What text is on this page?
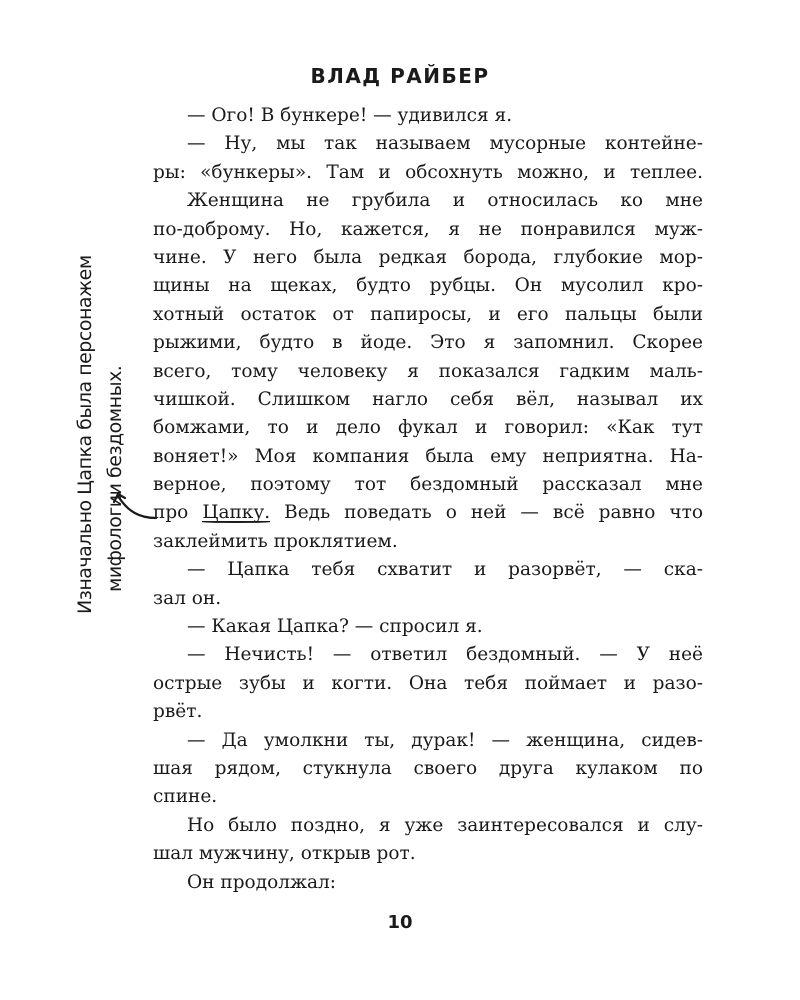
ВЛАД РАЙБЕР
Изначально Цапка была персонажем мифологии бездомных.
— Ого! В бункере! — удивился я.
— Ну, мы так называем мусорные контейне-
ры: «бункеры». Там и обсохнуть можно, и теплее.
Женщина не грубила и относилась ко мне
по-доброму. Но, кажется, я не понравился муж-
чине. У него была редкая борода, глубокие мор-
щины на щеках, будто рубцы. Он мусолил кро-
хотный остаток от папиросы, и его пальцы были
рыжими, будто в йоде. Это я запомнил. Скорее
всего, тому человеку я показался гадким маль-
чишкой. Слишком нагло себя вёл, называл их
бомжами, то и дело фукал и говорил: «Как тут
воняет!» Моя компания была ему неприятна. На-
верное, поэтому тот бездомный рассказал мне
про Цапку. Ведь поведать о ней — всё равно что
заклеймить проклятием.
— Цапка тебя схватит и разорвёт, — ска-
зал он.
— Какая Цапка? — спросил я.
— Нечисть! — ответил бездомный. — У неё
острые зубы и когти. Она тебя поймает и разо-
рвёт.
— Да умолкни ты, дурак! — женщина, сидев-
шая рядом, стукнула своего друга кулаком по
спине.
Но было поздно, я уже заинтересовался и слу-
шал мужчину, открыв рот.
Он продолжал:
10
